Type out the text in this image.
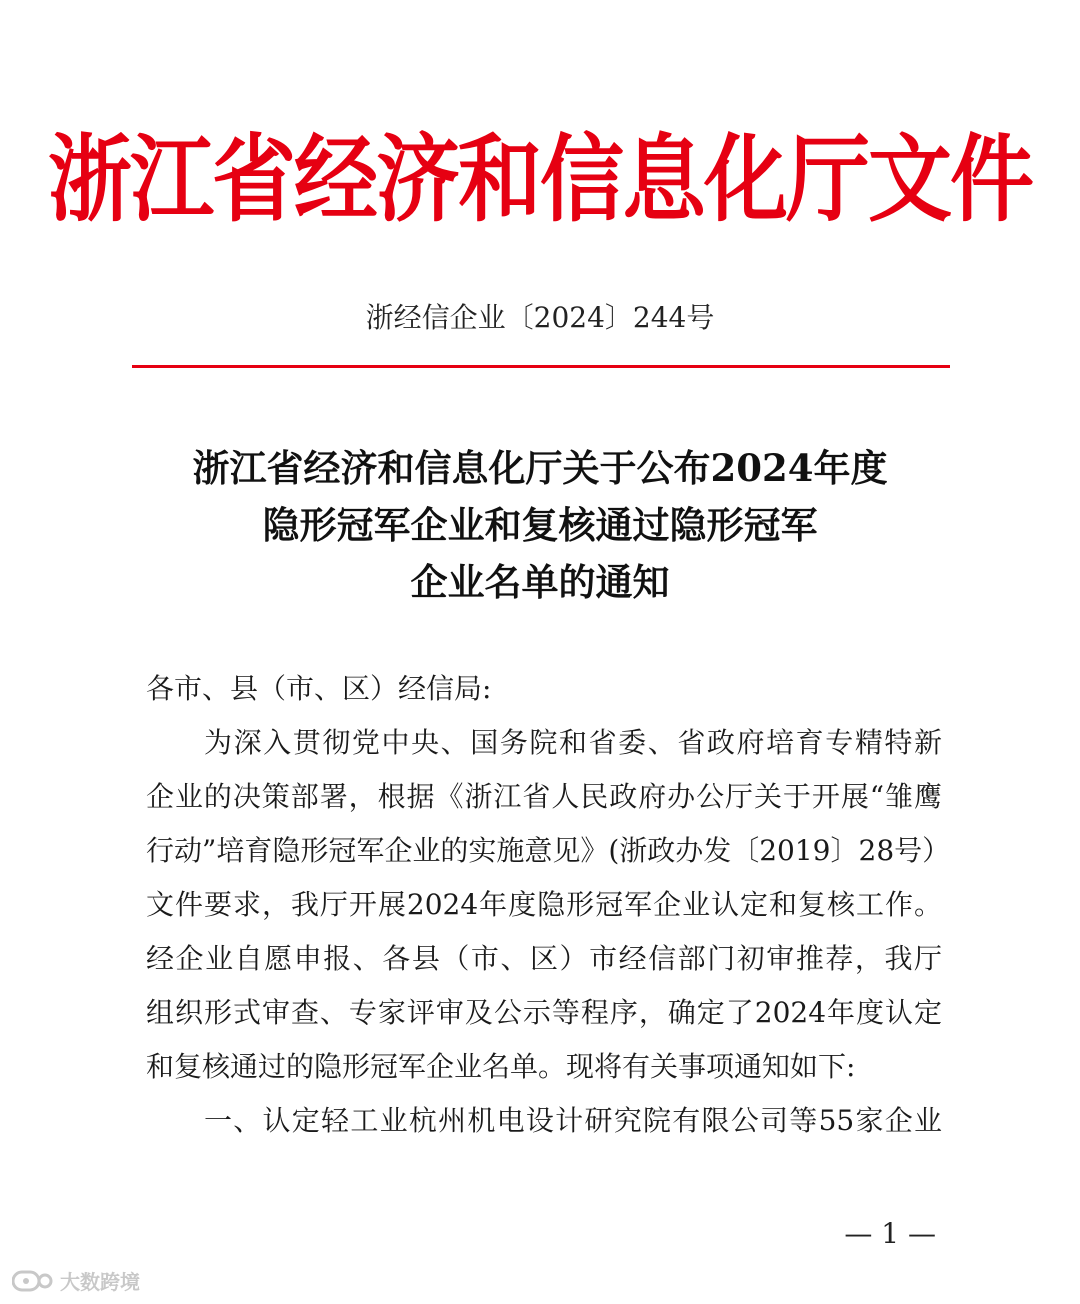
浙江省经济和信息化厅文件
浙经信企业〔2024〕244号
浙江省经济和信息化厅关于公布2024年度
隐形冠军企业和复核通过隐形冠军
企业名单的通知
各市、县（市、区）经信局:
为深入贯彻党中央、国务院和省委、省政府培育专精特新
企业的决策部署，根据《浙江省人民政府办公厅关于开展“雏鹰
行动”培育隐形冠军企业的实施意见》(浙政办发〔2019〕28号）
文件要求，我厅开展2024年度隐形冠军企业认定和复核工作。
经企业自愿申报、各县（市、区）市经信部门初审推荐，我厅
组织形式审查、专家评审及公示等程序，确定了2024年度认定
和复核通过的隐形冠军企业名单。现将有关事项通知如下:
一、认定轻工业杭州机电设计研究院有限公司等55家企业
— 1 —
大数跨境
